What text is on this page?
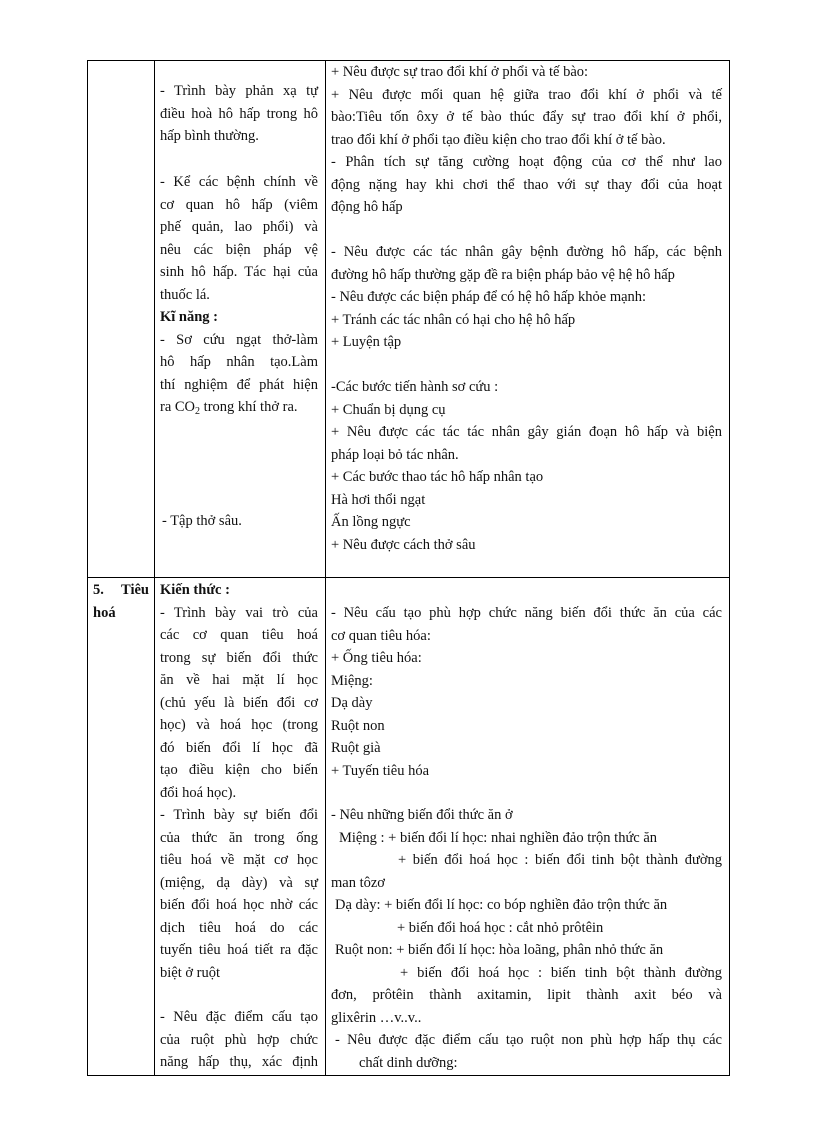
- Trình bày phản xạ tự
điều hoà hô hấp trong hô
hấp bình thường.
- Kể các bệnh chính về
cơ quan hô hấp (viêm
phế quản, lao phổi) và
nêu các biện pháp vệ
sinh hô hấp. Tác hại của
thuốc lá.
Kĩ năng :
- Sơ cứu ngạt thở-làm
hô hấp nhân tạo.Làm
thí nghiệm để phát hiện
ra $CO_2$ trong khí thở ra.
- Tập thở sâu.
+ Nêu được sự trao đổi khí ở phổi và tế bào:
+ Nêu được mối quan hệ giữa trao đổi khí ở phổi và tế
bào:Tiêu tốn ôxy ở tế bào thúc đẩy sự trao đổi khí ở phổi,
trao đổi khí ở phổi tạo điều kiện cho trao đổi khí ở tế bào.
- Phân tích sự tăng cường hoạt động của cơ thể như lao
động nặng hay khi chơi thể thao với sự thay đổi của hoạt
động hô hấp
- Nêu được các tác nhân gây bệnh đường hô hấp, các bệnh
đường hô hấp thường gặp đề ra biện pháp bảo vệ hệ hô hấp
- Nêu được các biện pháp để có hệ hô hấp khỏe mạnh:
+ Tránh các tác nhân có hại cho hệ hô hấp
+ Luyện tập
-Các bước tiến hành sơ cứu :
+ Chuẩn bị dụng cụ
+ Nêu được các tác tác nhân gây gián đoạn hô hấp và biện
pháp loại bỏ tác nhân.
+ Các bước thao tác hô hấp nhân tạo
Hà hơi thổi ngạt
Ấn lồng ngực
+ Nêu được cách thở sâu
5. Tiêu
hoá
Kiến thức :
- Trình bày vai trò của
các cơ quan tiêu hoá
trong sự biến đổi thức
ăn về hai mặt lí học
(chủ yếu là biến đổi cơ
học) và hoá học (trong
đó biến đổi lí học đã
tạo điều kiện cho biến
đổi hoá học).
- Trình bày sự biến đổi
của thức ăn trong ống
tiêu hoá về mặt cơ học
(miệng, dạ dày) và sự
biến đổi hoá học nhờ các
dịch tiêu hoá do các
tuyến tiêu hoá tiết ra đặc
biệt ở ruột
- Nêu đặc điểm cấu tạo
của ruột phù hợp chức
năng hấp thụ, xác định
- Nêu cấu tạo phù hợp chức năng biến đổi thức ăn của các
cơ quan tiêu hóa:
+ Ống tiêu hóa:
Miệng:
Dạ dày
Ruột non
Ruột già
+ Tuyến tiêu hóa
- Nêu những biến đổi thức ăn ở
Miệng : + biến đổi lí học: nhai nghiền đảo trộn thức ăn
+ biến đổi hoá học : biến đổi tinh bột thành đường
man tôzơ
Dạ dày: + biến đổi lí học: co bóp nghiền đảo trộn thức ăn
+ biến đổi hoá học : cắt nhỏ prôtêin
Ruột non: + biến đổi lí học: hòa loãng, phân nhỏ thức ăn
+ biến đổi hoá học : biến tinh bột thành đường
đơn, prôtêin thành axitamin, lipit thành axit béo và
glixêrin …v..v..
- Nêu được đặc điểm cấu tạo ruột non phù hợp hấp thụ các
chất dinh dưỡng:
